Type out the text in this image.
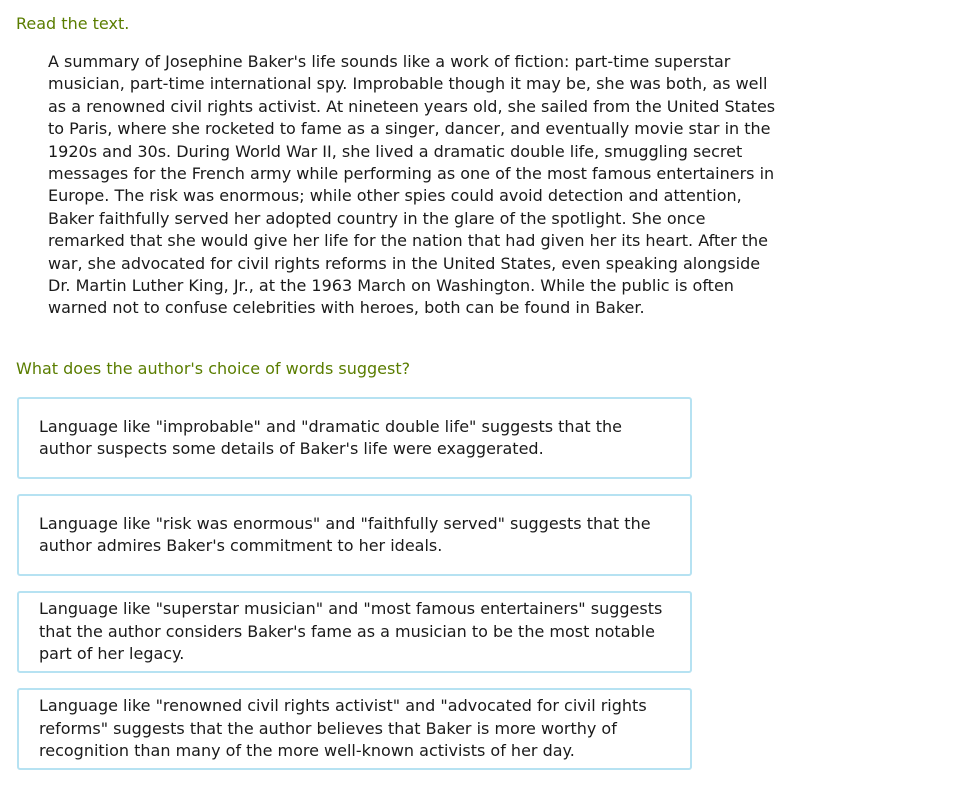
Read the text.
A summary of Josephine Baker's life sounds like a work of fiction: part-time superstar musician, part-time international spy. Improbable though it may be, she was both, as well as a renowned civil rights activist. At nineteen years old, she sailed from the United States to Paris, where she rocketed to fame as a singer, dancer, and eventually movie star in the 1920s and 30s. During World War II, she lived a dramatic double life, smuggling secret messages for the French army while performing as one of the most famous entertainers in Europe. The risk was enormous; while other spies could avoid detection and attention, Baker faithfully served her adopted country in the glare of the spotlight. She once remarked that she would give her life for the nation that had given her its heart. After the war, she advocated for civil rights reforms in the United States, even speaking alongside Dr. Martin Luther King, Jr., at the 1963 March on Washington. While the public is often warned not to confuse celebrities with heroes, both can be found in Baker.
What does the author's choice of words suggest?
Language like "improbable" and "dramatic double life" suggests that the author suspects some details of Baker's life were exaggerated.
Language like "risk was enormous" and "faithfully served" suggests that the author admires Baker's commitment to her ideals.
Language like "superstar musician" and "most famous entertainers" suggests that the author considers Baker's fame as a musician to be the most notable part of her legacy.
Language like "renowned civil rights activist" and "advocated for civil rights reforms" suggests that the author believes that Baker is more worthy of recognition than many of the more well-known activists of her day.
